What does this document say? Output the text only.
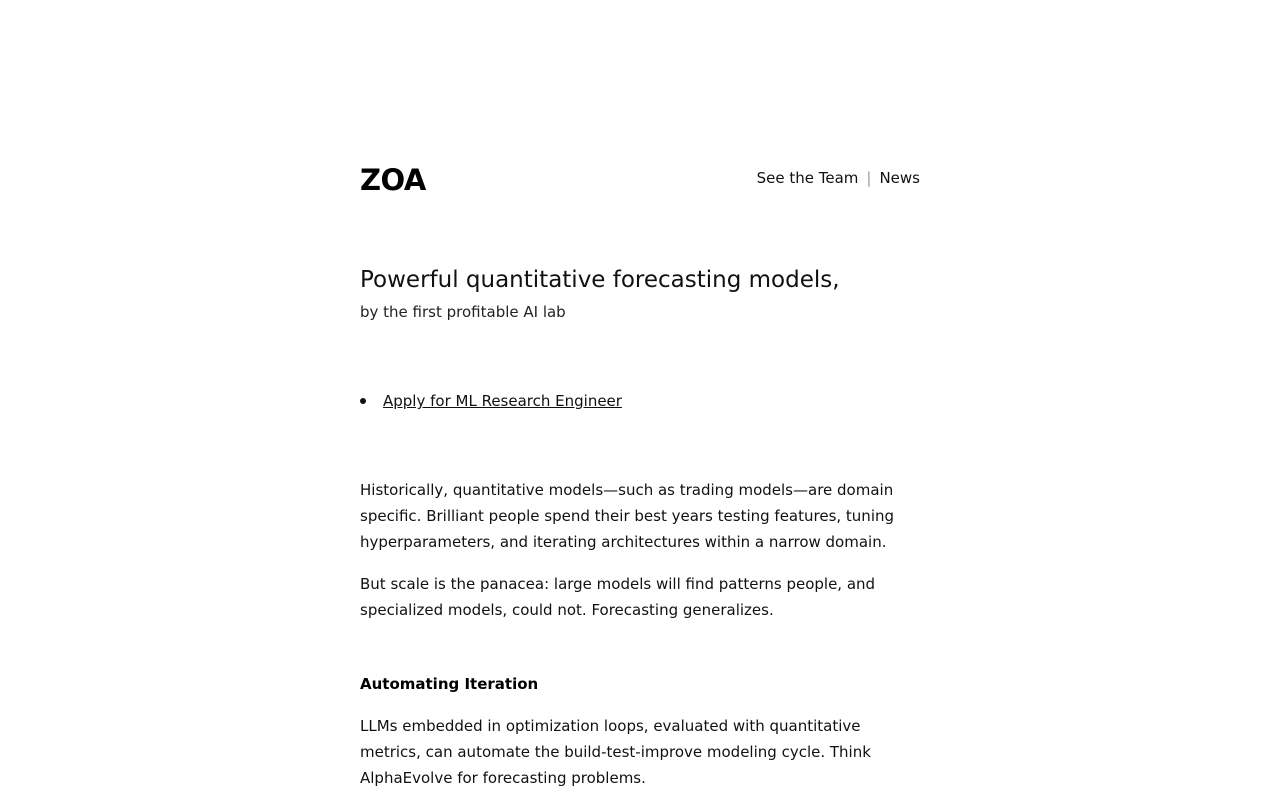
ZOA	See the Team | News
Powerful quantitative forecasting models,
by the first profitable AI lab
Apply for ML Research Engineer

Historically, quantitative models—such as trading models—are domain specific. Brilliant people spend their best years testing features, tuning hyperparameters, and iterating architectures within a narrow domain.

But scale is the panacea: large models will find patterns people, and specialized models, could not. Forecasting generalizes.

Automating Iteration

LLMs embedded in optimization loops, evaluated with quantitative metrics, can automate the build-test-improve modeling cycle. Think AlphaEvolve for forecasting problems.
